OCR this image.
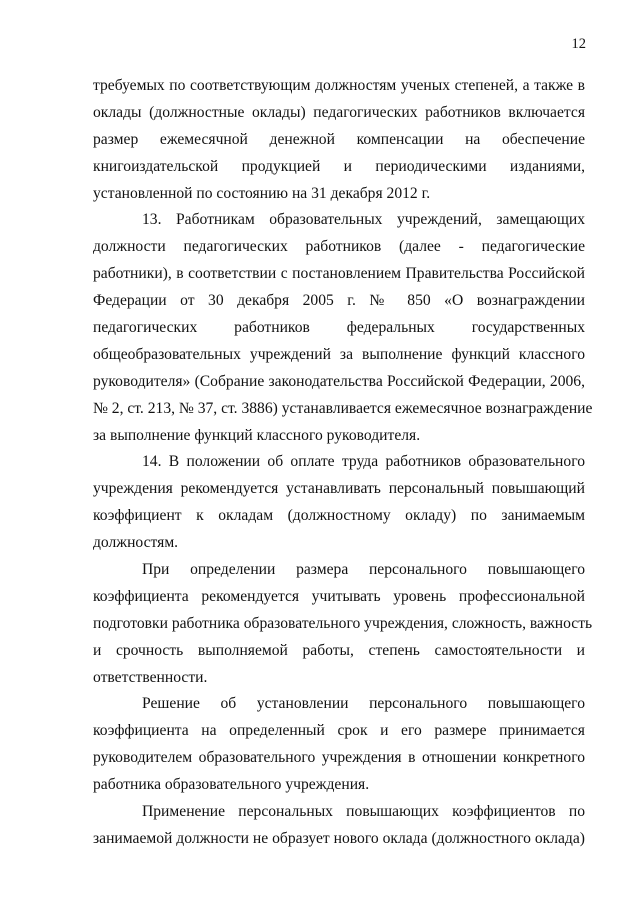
12
требуемых по соответствующим должностям ученых степеней, а также в
оклады (должностные оклады) педагогических работников включается
размер ежемесячной денежной компенсации на обеспечение
книгоиздательской продукцией и периодическими изданиями,
установленной по состоянию на 31 декабря 2012 г.
13. Работникам образовательных учреждений, замещающих
должности педагогических работников (далее - педагогические
работники), в соответствии с постановлением Правительства Российской
Федерации от 30 декабря 2005 г. № 850 «О вознаграждении
педагогических работников федеральных государственных
общеобразовательных учреждений за выполнение функций классного
руководителя» (Собрание законодательства Российской Федерации, 2006,
№ 2, ст. 213, № 37, ст. 3886) устанавливается ежемесячное вознаграждение
за выполнение функций классного руководителя.
14. В положении об оплате труда работников образовательного
учреждения рекомендуется устанавливать персональный повышающий
коэффициент к окладам (должностному окладу) по занимаемым
должностям.
При определении размера персонального повышающего
коэффициента рекомендуется учитывать уровень профессиональной
подготовки работника образовательного учреждения, сложность, важность
и срочность выполняемой работы, степень самостоятельности и
ответственности.
Решение об установлении персонального повышающего
коэффициента на определенный срок и его размере принимается
руководителем образовательного учреждения в отношении конкретного
работника образовательного учреждения.
Применение персональных повышающих коэффициентов по
занимаемой должности не образует нового оклада (должностного оклада)
